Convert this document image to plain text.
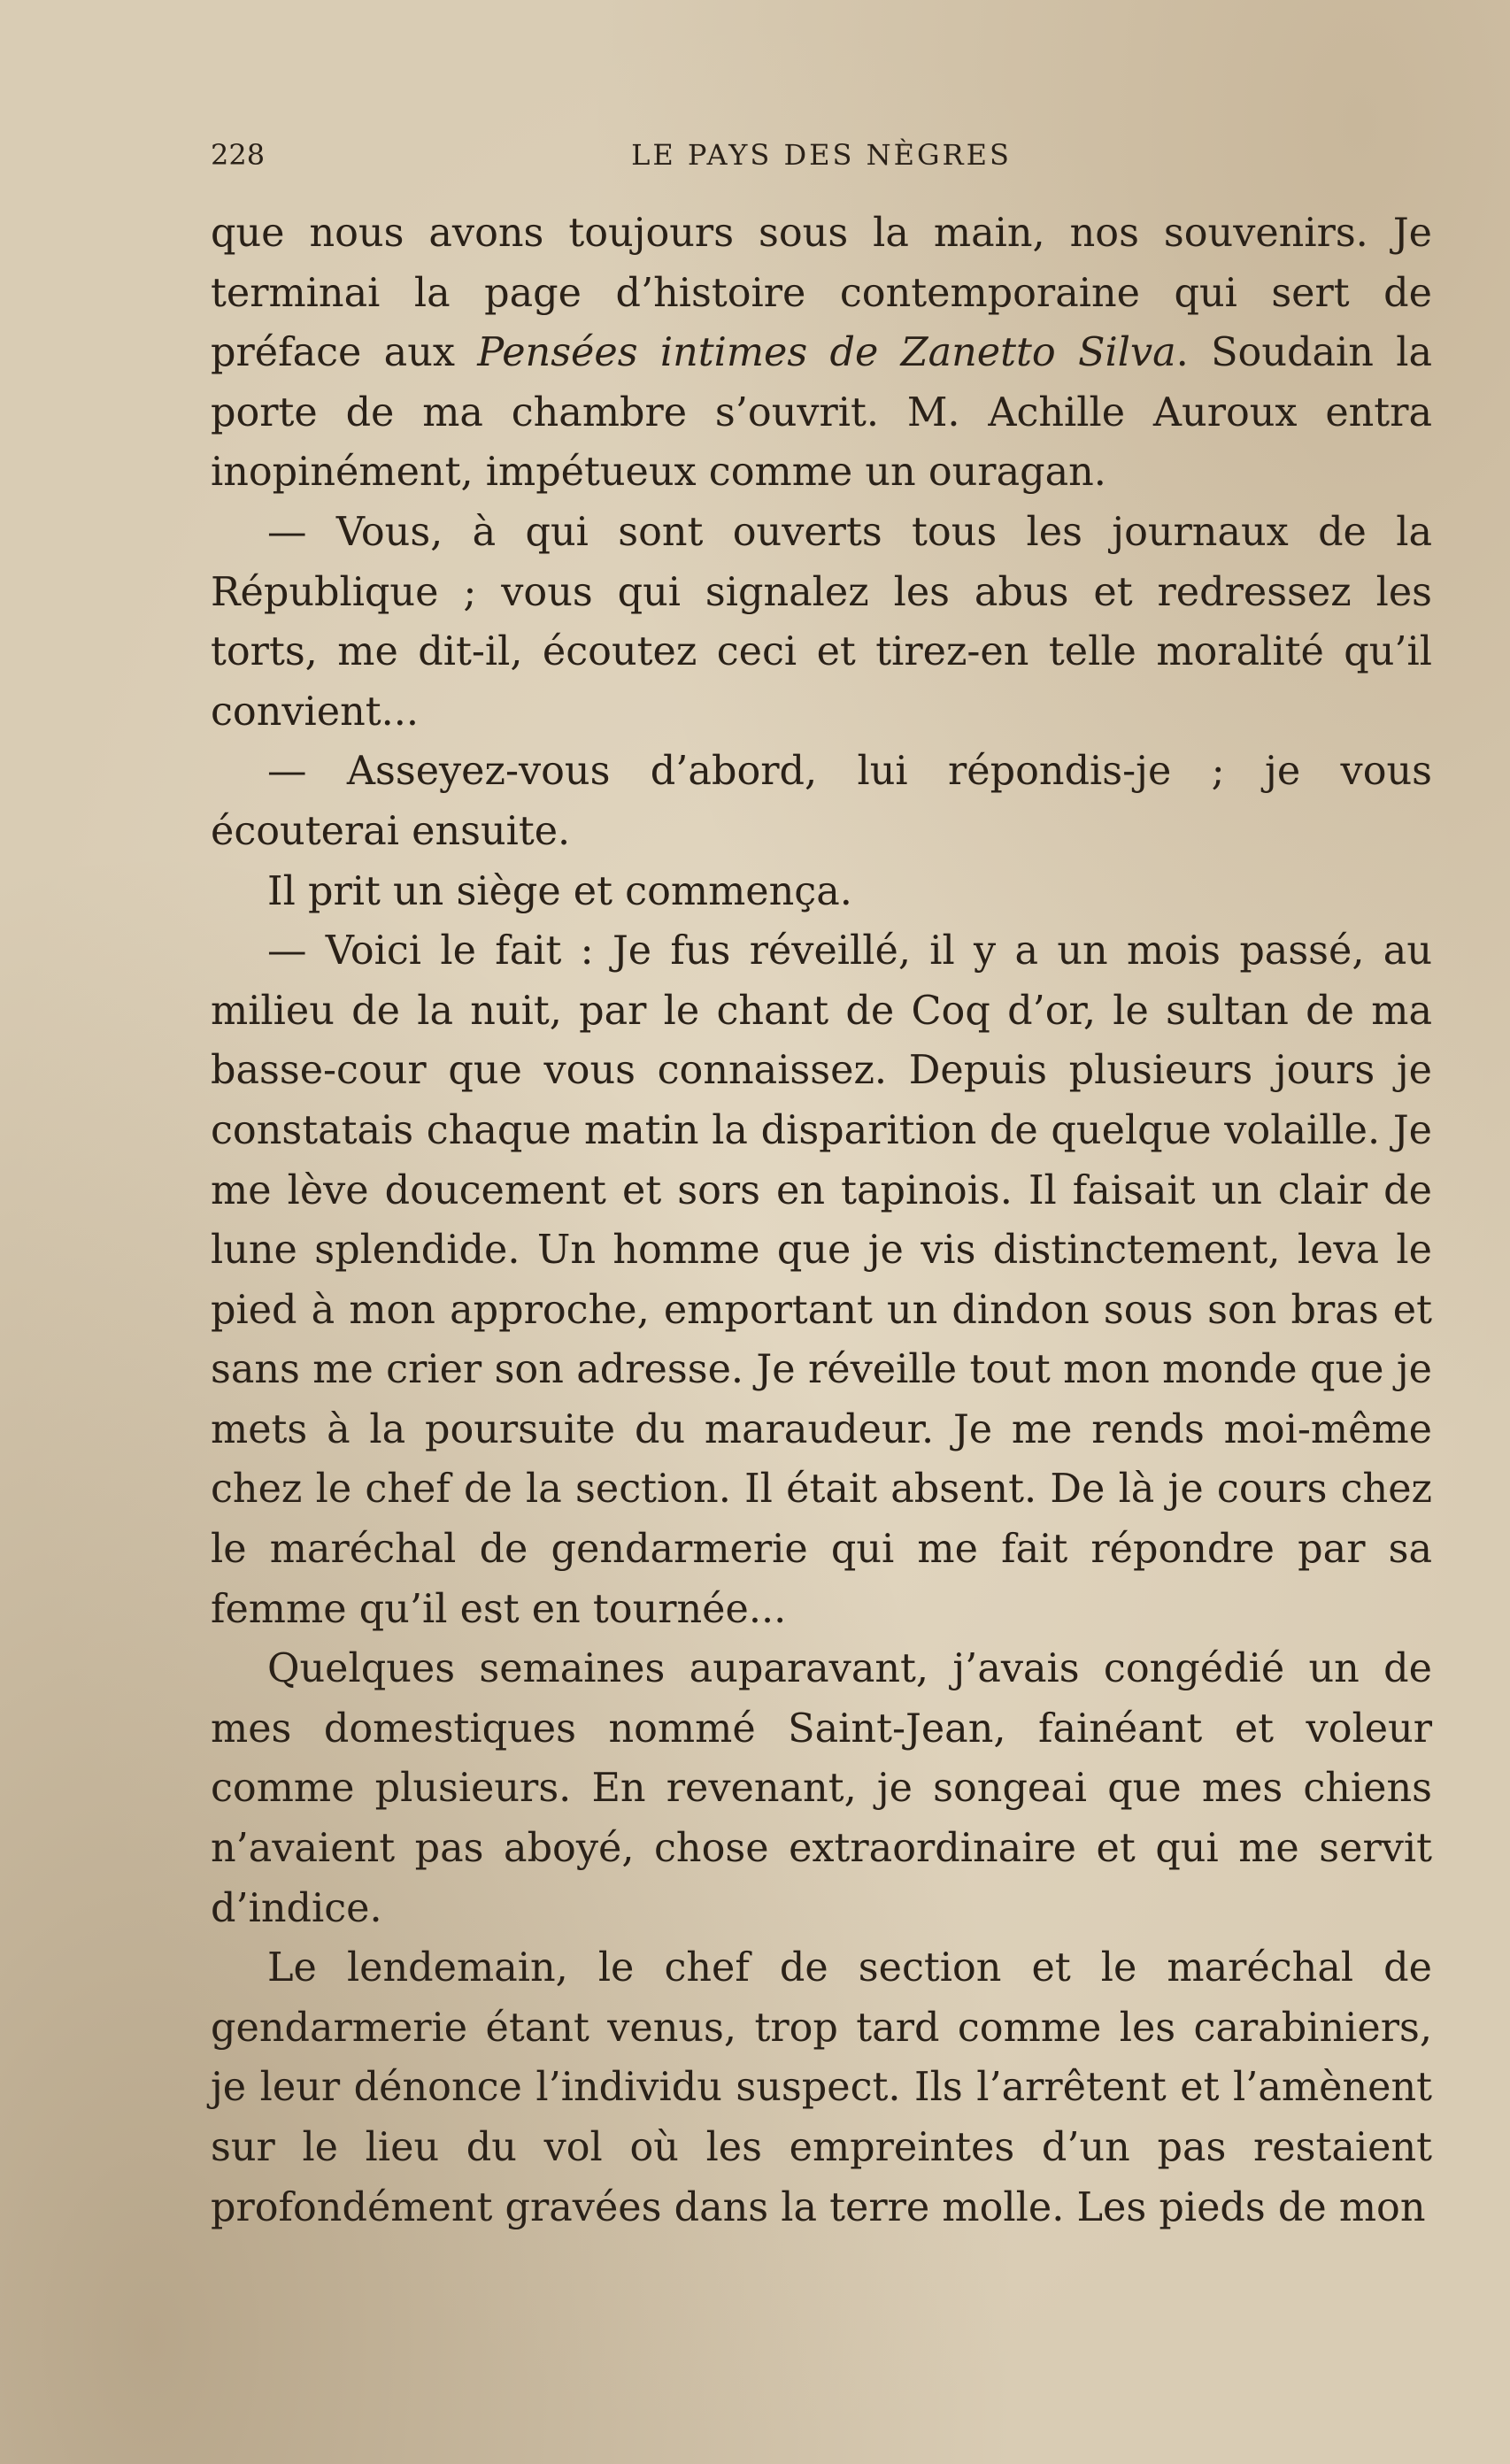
228	LE PAYS DES NÈGRES

que nous avons toujours sous la main, nos souvenirs. Je terminai la page d’histoire contemporaine qui sert de préface aux Pensées intimes de Zanetto Silva. Soudain la porte de ma chambre s’ouvrit. M. Achille Auroux entra inopinément, impétueux comme un ouragan.

— Vous, à qui sont ouverts tous les journaux de la République ; vous qui signalez les abus et redressez les torts, me dit-il, écoutez ceci et tirez-en telle moralité qu’il convient...

— Asseyez-vous d’abord, lui répondis-je ; je vous écouterai ensuite.

Il prit un siège et commença.

— Voici le fait : Je fus réveillé, il y a un mois passé, au milieu de la nuit, par le chant de Coq d’or, le sultan de ma basse-cour que vous connaissez. Depuis plusieurs jours je constatais chaque matin la disparition de quelque volaille. Je me lève doucement et sors en tapinois. Il faisait un clair de lune splendide. Un homme que je vis distinctement, leva le pied à mon approche, emportant un dindon sous son bras et sans me crier son adresse. Je réveille tout mon monde que je mets à la poursuite du maraudeur. Je me rends moi-même chez le chef de la section. Il était absent. De là je cours chez le maréchal de gendarmerie qui me fait répondre par sa femme qu’il est en tournée...

Quelques semaines auparavant, j’avais congédié un de mes domestiques nommé Saint-Jean, fainéant et voleur comme plusieurs. En revenant, je songeai que mes chiens n’avaient pas aboyé, chose extraordinaire et qui me servit d’indice.

Le lendemain, le chef de section et le maréchal de gendarmerie étant venus, trop tard comme les carabiniers, je leur dénonce l’individu suspect. Ils l’arrêtent et l’amènent sur le lieu du vol où les empreintes d’un pas restaient profondément gravées dans la terre molle. Les pieds de mon
